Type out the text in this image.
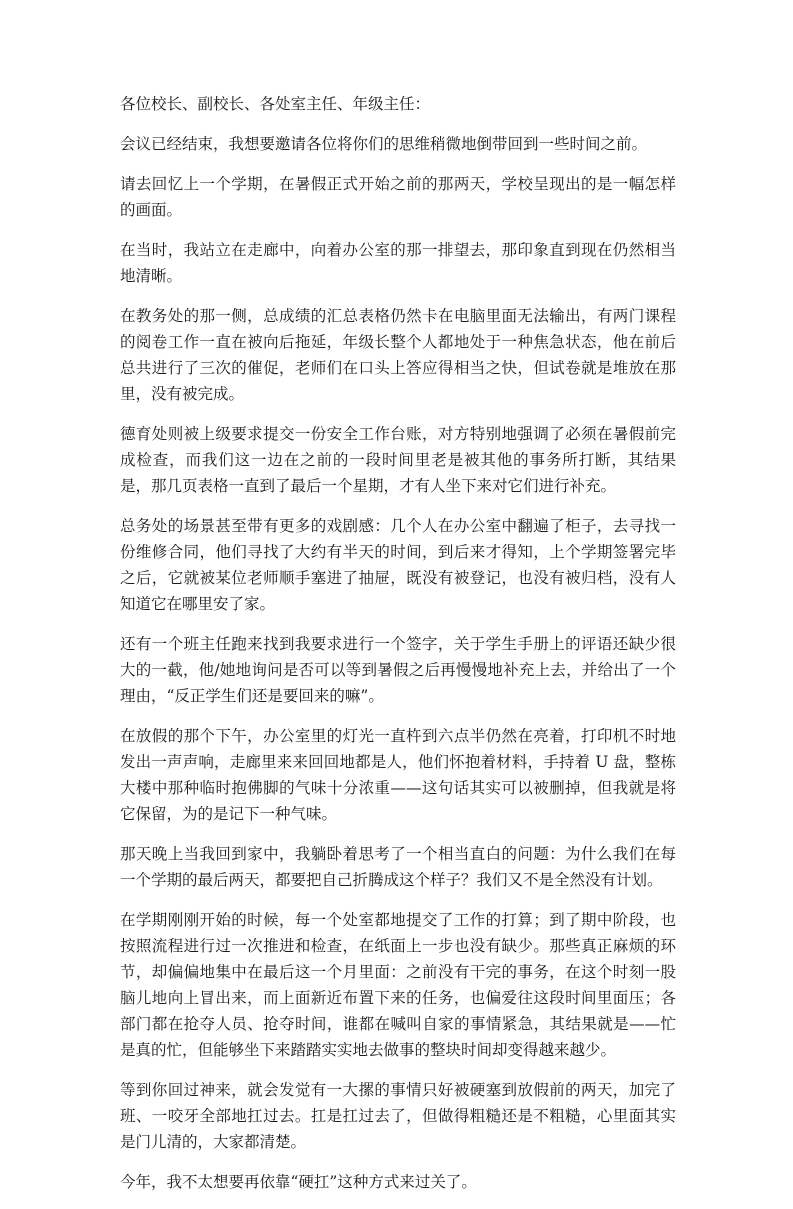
各位校长、副校长、各处室主任、年级主任：

会议已经结束，我想要邀请各位将你们的思维稍微地倒带回到一些时间之前。

请去回忆上一个学期，在暑假正式开始之前的那两天，学校呈现出的是一幅怎样的画面。

在当时，我站立在走廊中，向着办公室的那一排望去，那印象直到现在仍然相当地清晰。

在教务处的那一侧，总成绩的汇总表格仍然卡在电脑里面无法输出，有两门课程的阅卷工作一直在被向后拖延，年级长整个人都地处于一种焦急状态，他在前后总共进行了三次的催促，老师们在口头上答应得相当之快，但试卷就是堆放在那里，没有被完成。

德育处则被上级要求提交一份安全工作台账，对方特别地强调了必须在暑假前完成检查，而我们这一边在之前的一段时间里老是被其他的事务所打断，其结果是，那几页表格一直到了最后一个星期，才有人坐下来对它们进行补充。

总务处的场景甚至带有更多的戏剧感：几个人在办公室中翻遍了柜子，去寻找一份维修合同，他们寻找了大约有半天的时间，到后来才得知，上个学期签署完毕之后，它就被某位老师顺手塞进了抽屉，既没有被登记，也没有被归档，没有人知道它在哪里安了家。

还有一个班主任跑来找到我要求进行一个签字，关于学生手册上的评语还缺少很大的一截，他/她地询问是否可以等到暑假之后再慢慢地补充上去，并给出了一个理由，“反正学生们还是要回来的嘛”。

在放假的那个下午，办公室里的灯光一直杵到六点半仍然在亮着，打印机不时地发出一声声响，走廊里来来回回地都是人，他们怀抱着材料，手持着 U 盘，整栋大楼中那种临时抱佛脚的气味十分浓重——这句话其实可以被删掉，但我就是将它保留，为的是记下一种气味。

那天晚上当我回到家中，我躺卧着思考了一个相当直白的问题：为什么我们在每一个学期的最后两天，都要把自己折腾成这个样子？我们又不是全然没有计划。

在学期刚刚开始的时候，每一个处室都地提交了工作的打算；到了期中阶段，也按照流程进行过一次推进和检查，在纸面上一步也没有缺少。那些真正麻烦的环节，却偏偏地集中在最后这一个月里面：之前没有干完的事务，在这个时刻一股脑儿地向上冒出来，而上面新近布置下来的任务，也偏爱往这段时间里面压；各部门都在抢夺人员、抢夺时间，谁都在喊叫自家的事情紧急，其结果就是——忙是真的忙，但能够坐下来踏踏实实地去做事的整块时间却变得越来越少。

等到你回过神来，就会发觉有一大摞的事情只好被硬塞到放假前的两天，加完了班、一咬牙全部地扛过去。扛是扛过去了，但做得粗糙还是不粗糙，心里面其实是门儿清的，大家都清楚。

今年，我不太想要再依靠“硬扛”这种方式来过关了。
